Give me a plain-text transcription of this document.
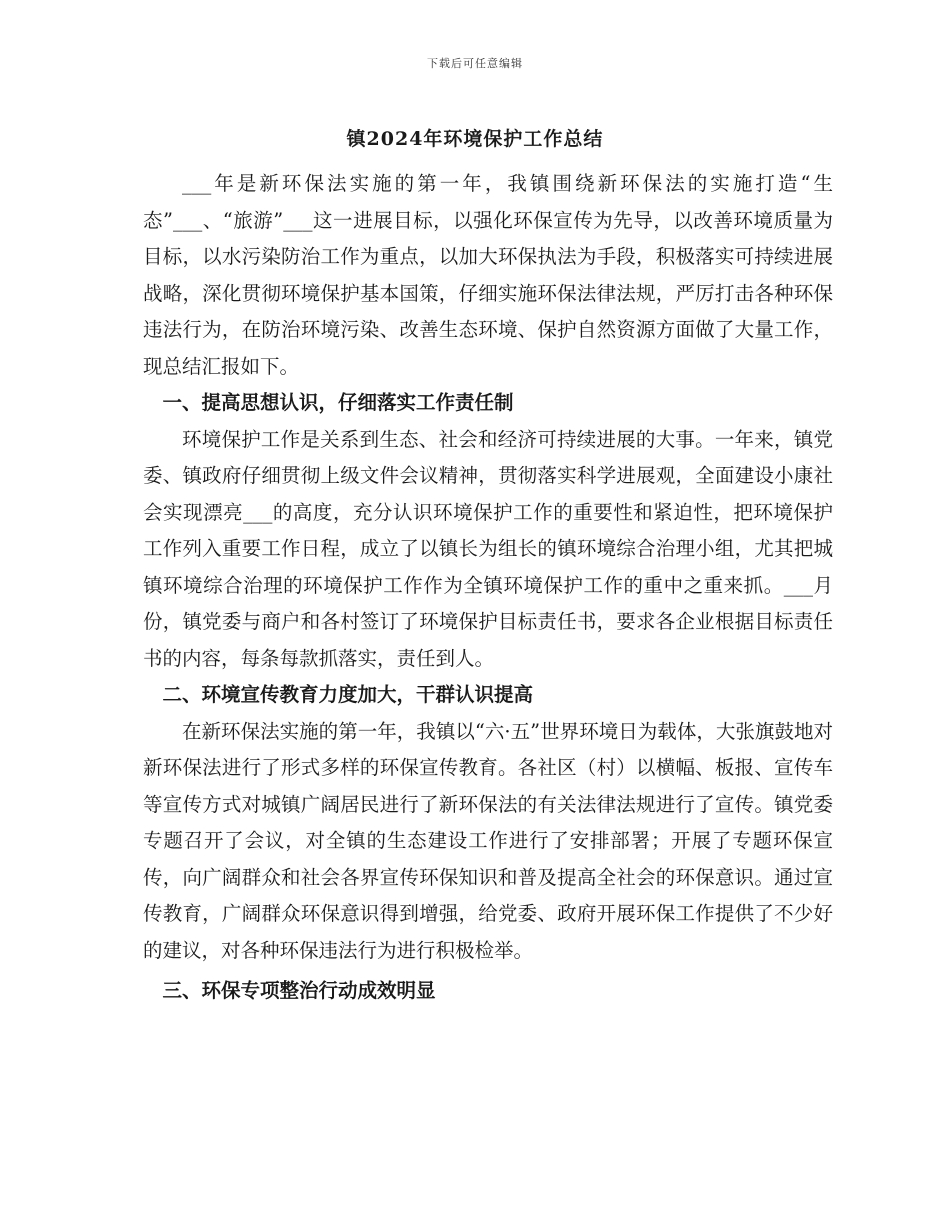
下载后可任意编辑
镇2024年环境保护工作总结

___年是新环保法实施的第一年，我镇围绕新环保法的实施打造“生态”___、“旅游”___这一进展目标，以强化环保宣传为先导，以改善环境质量为目标，以水污染防治工作为重点，以加大环保执法为手段，积极落实可持续进展战略，深化贯彻环境保护基本国策，仔细实施环保法律法规，严厉打击各种环保违法行为，在防治环境污染、改善生态环境、保护自然资源方面做了大量工作，现总结汇报如下。

一、提高思想认识，仔细落实工作责任制

环境保护工作是关系到生态、社会和经济可持续进展的大事。一年来，镇党委、镇政府仔细贯彻上级文件会议精神，贯彻落实科学进展观，全面建设小康社会实现漂亮___的高度，充分认识环境保护工作的重要性和紧迫性，把环境保护工作列入重要工作日程，成立了以镇长为组长的镇环境综合治理小组，尤其把城镇环境综合治理的环境保护工作作为全镇环境保护工作的重中之重来抓。___月份，镇党委与商户和各村签订了环境保护目标责任书，要求各企业根据目标责任书的内容，每条每款抓落实，责任到人。

二、环境宣传教育力度加大，干群认识提高

在新环保法实施的第一年，我镇以“六·五”世界环境日为载体，大张旗鼓地对新环保法进行了形式多样的环保宣传教育。各社区（村）以横幅、板报、宣传车等宣传方式对城镇广阔居民进行了新环保法的有关法律法规进行了宣传。镇党委专题召开了会议，对全镇的生态建设工作进行了安排部署；开展了专题环保宣传，向广阔群众和社会各界宣传环保知识和普及提高全社会的环保意识。通过宣传教育，广阔群众环保意识得到增强，给党委、政府开展环保工作提供了不少好的建议，对各种环保违法行为进行积极检举。

三、环保专项整治行动成效明显
